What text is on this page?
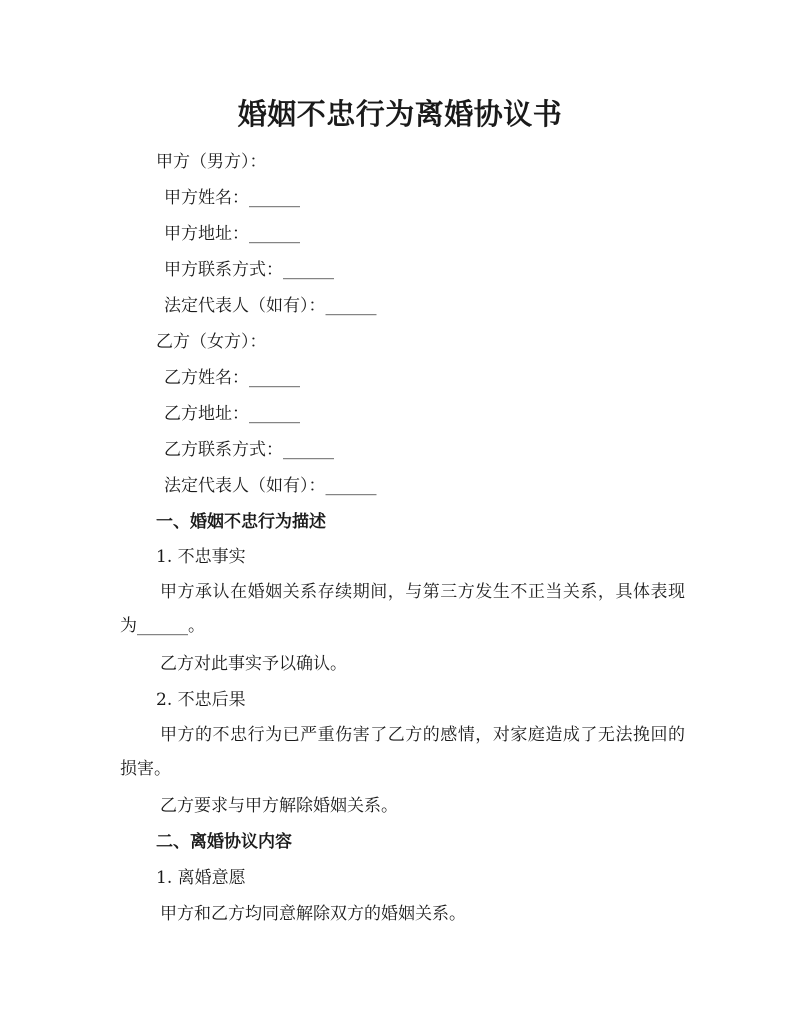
婚姻不忠行为离婚协议书

甲方（男方）：

甲方姓名：______

甲方地址：______

甲方联系方式：______

法定代表人（如有）：______

乙方（女方）：

乙方姓名：______

乙方地址：______

乙方联系方式：______

法定代表人（如有）：______

一、婚姻不忠行为描述

1. 不忠事实

甲方承认在婚姻关系存续期间，与第三方发生不正当关系，具体表现为______。

乙方对此事实予以确认。

2. 不忠后果

甲方的不忠行为已严重伤害了乙方的感情，对家庭造成了无法挽回的损害。

乙方要求与甲方解除婚姻关系。

二、离婚协议内容

1. 离婚意愿

甲方和乙方均同意解除双方的婚姻关系。
